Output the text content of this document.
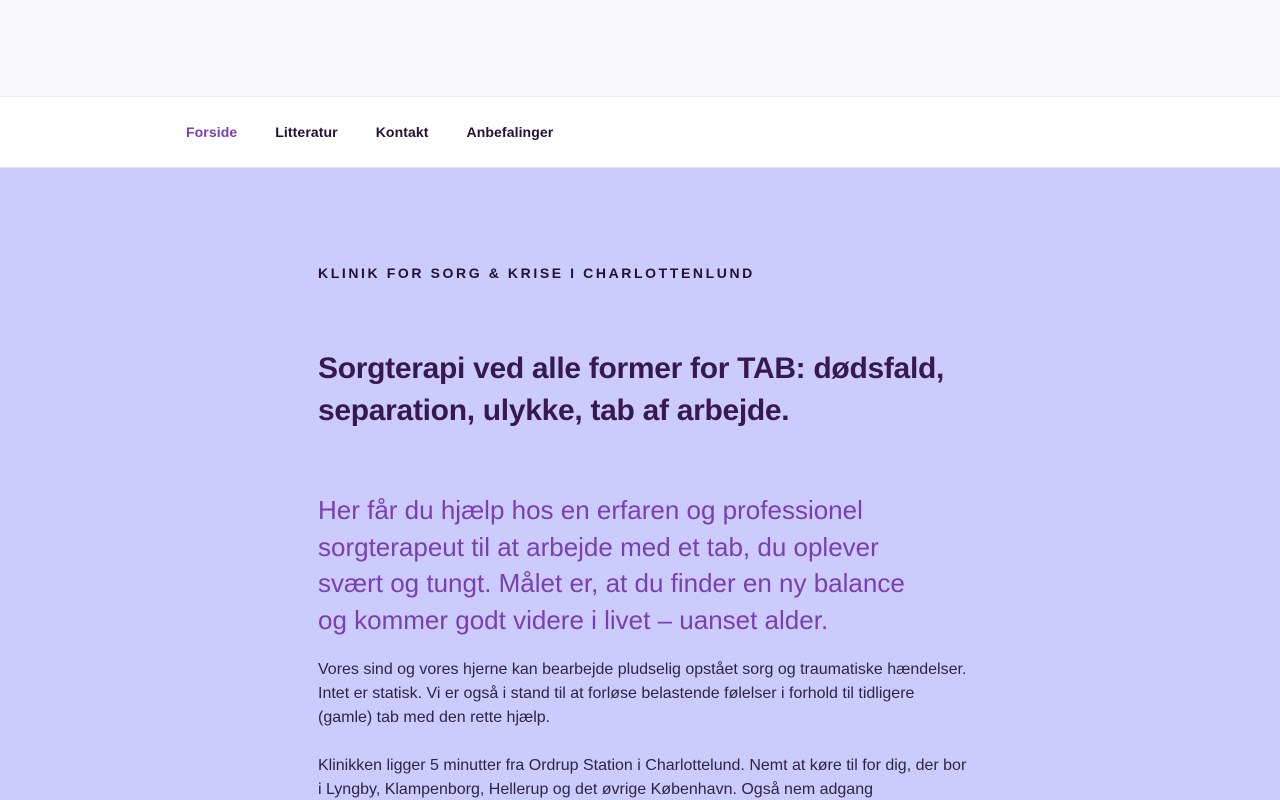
Forside	Litteratur	Kontakt	Anbefalinger
KLINIK FOR SORG & KRISE I CHARLOTTENLUND
Sorgterapi ved alle former for TAB: dødsfald, separation, ulykke, tab af arbejde.

Her får du hjælp hos en erfaren og professionel sorgterapeut til at arbejde med et tab, du oplever svært og tungt. Målet er, at du finder en ny balance og kommer godt videre i livet – uanset alder.

Vores sind og vores hjerne kan bearbejde pludselig opstået sorg og traumatiske hændelser. Intet er statisk. Vi er også i stand til at forløse belastende følelser i forhold til tidligere (gamle) tab med den rette hjælp.

Klinikken ligger 5 minutter fra Ordrup Station i Charlottelund. Nemt at køre til for dig, der bor i Lyngby, Klampenborg, Hellerup og det øvrige København. Også nem adgang
